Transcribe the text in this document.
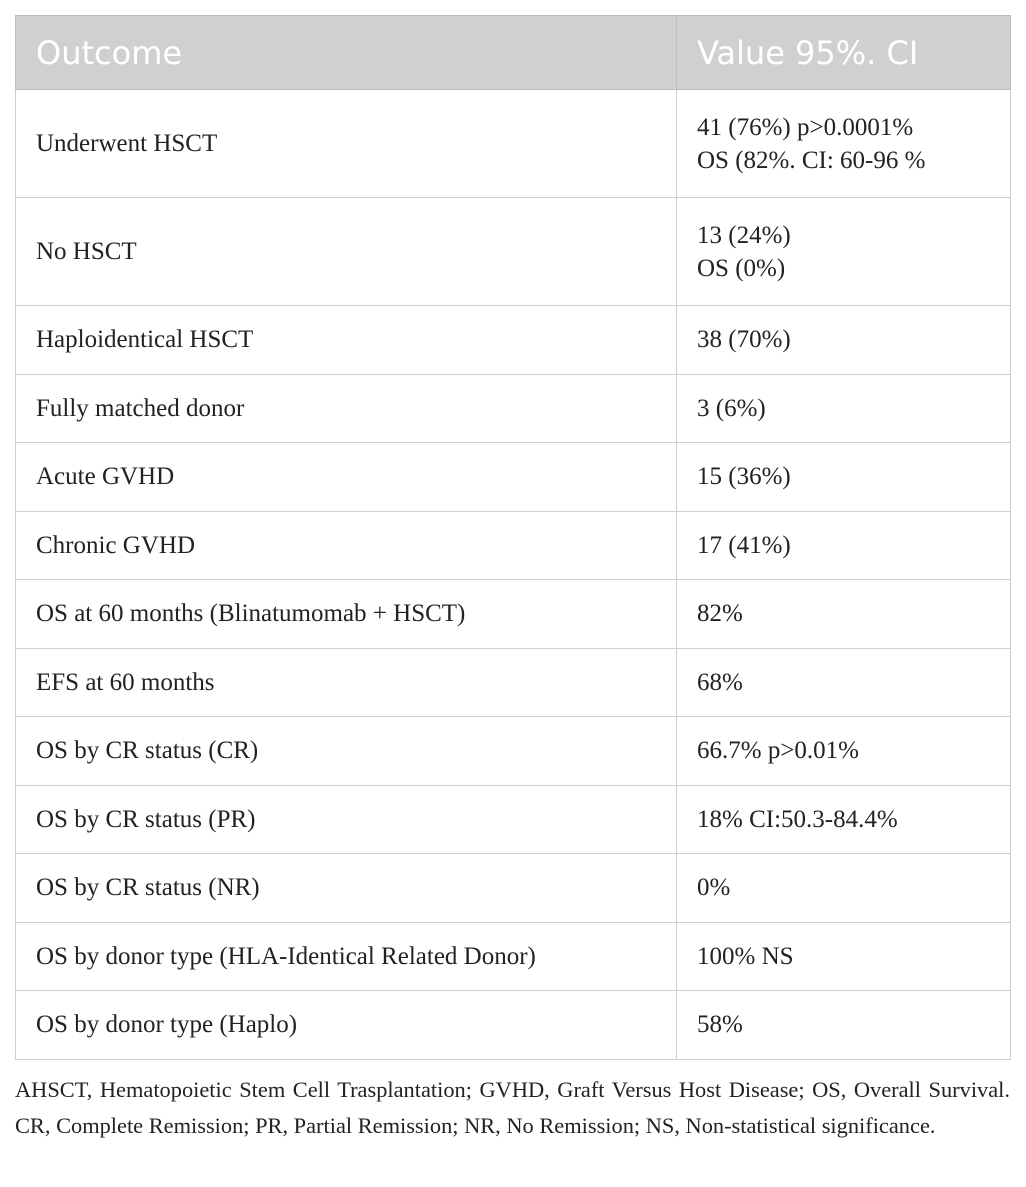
Outcome	Value 95%. CI
Underwent HSCT	41 (76%) p>0.0001%
OS (82%. CI: 60-96 %

No HSCT	13 (24%)
OS (0%)

Haploidentical HSCT	38 (70%)
Fully matched donor	3 (6%)
Acute GVHD	15 (36%)
Chronic GVHD	17 (41%)
OS at 60 months (Blinatumomab + HSCT)	82%
EFS at 60 months	68%
OS by CR status (CR)	66.7% p>0.01%
OS by CR status (PR)	18% CI:50.3-84.4%
OS by CR status (NR)	0%
OS by donor type (HLA-Identical Related Donor)	100% NS
OS by donor type (Haplo)	58%

AHSCT, Hematopoietic Stem Cell Trasplantation; GVHD, Graft Versus Host Disease; OS, Overall Survival. CR, Complete Remission; PR, Partial Remission; NR, No Remission; NS, Non-statistical significance.
